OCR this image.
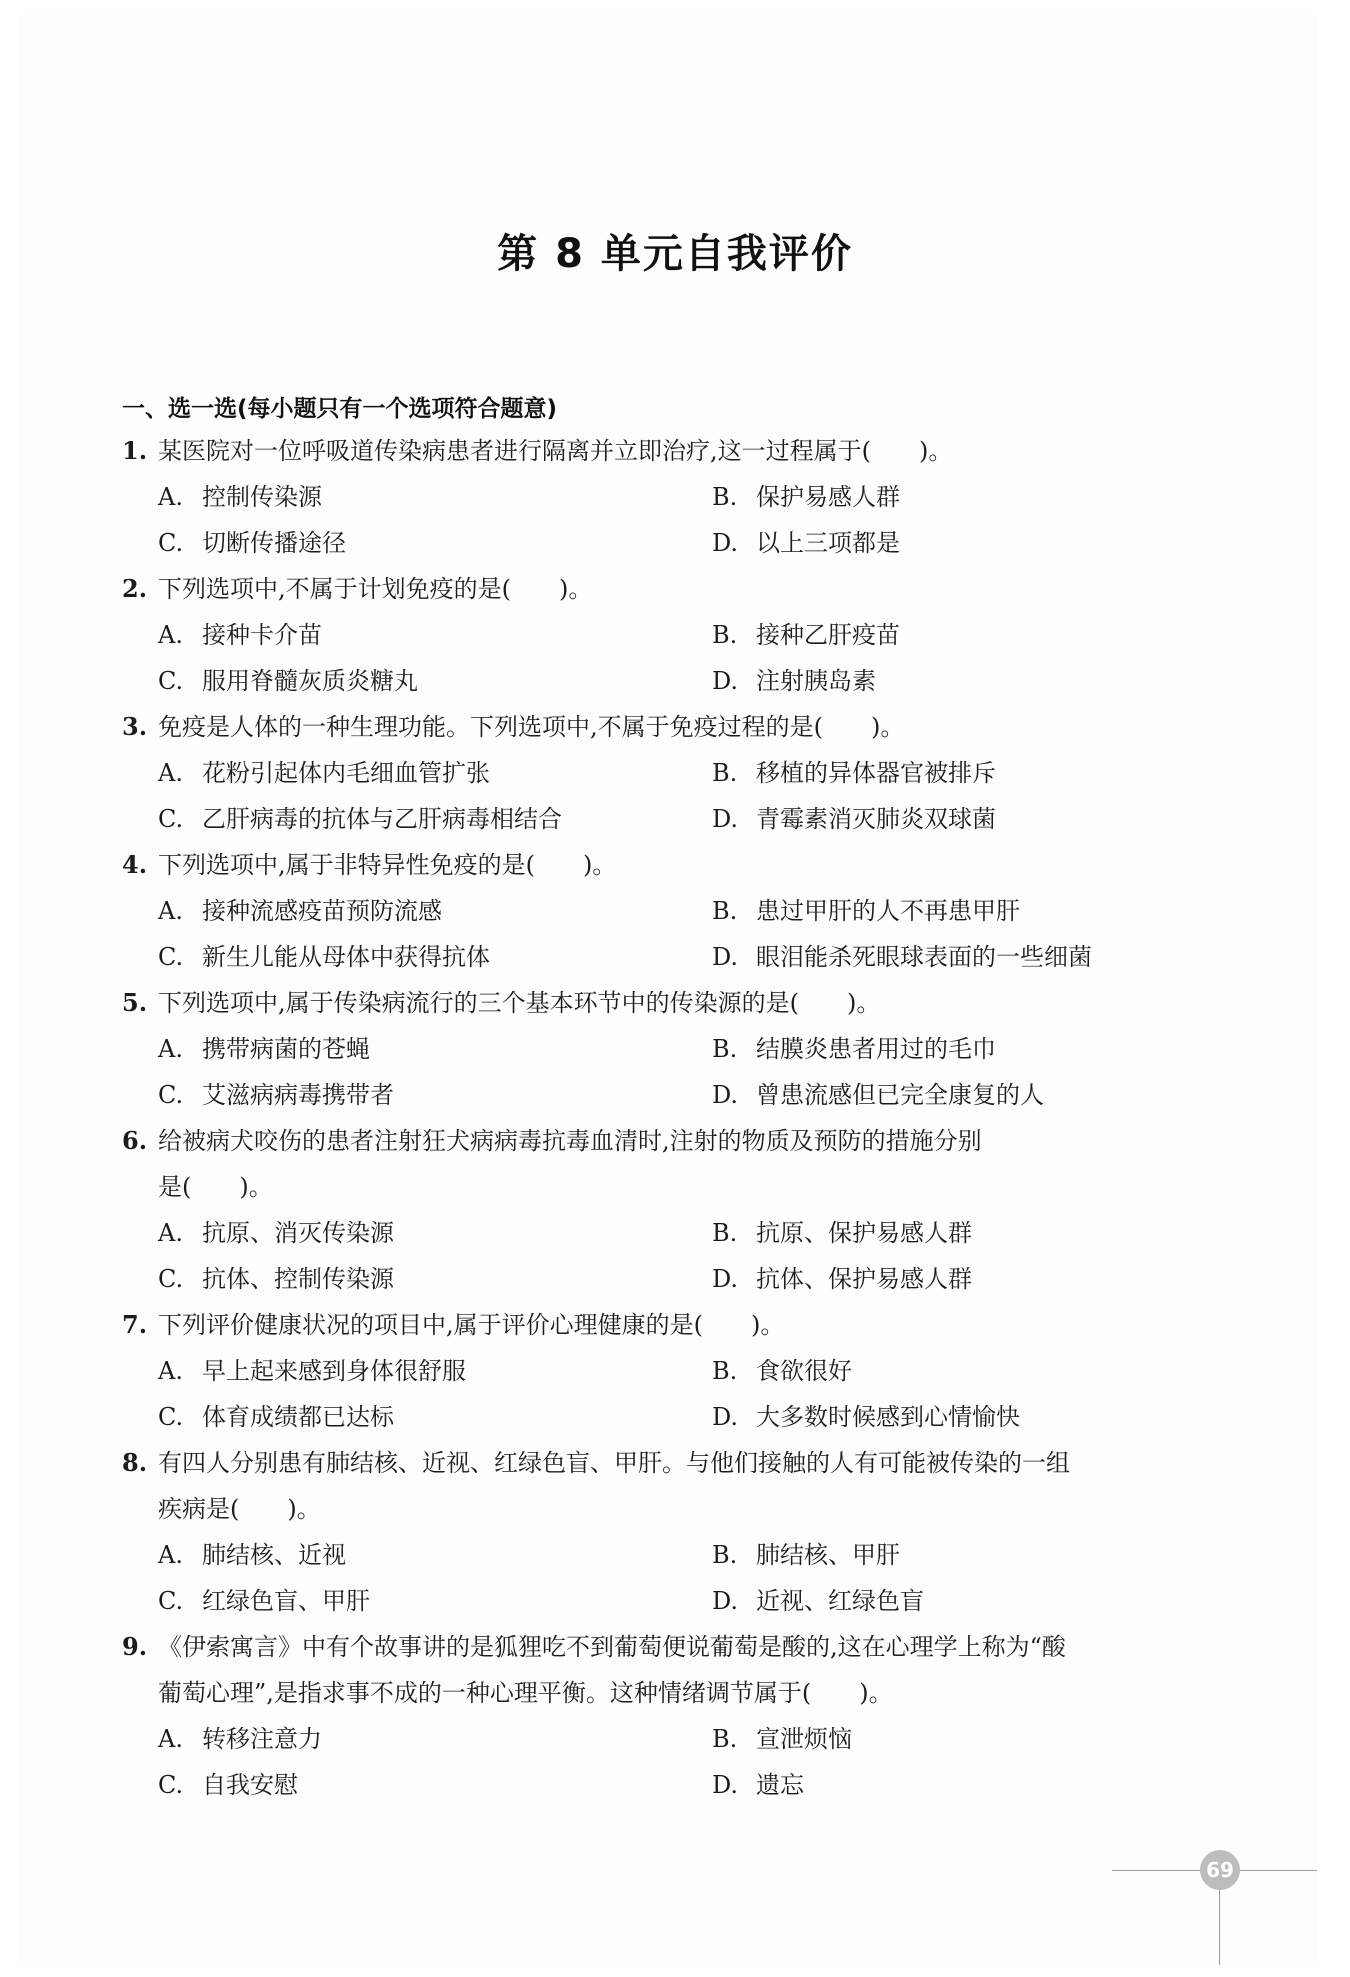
第 8 单元自我评价
一、选一选(每小题只有一个选项符合题意)
1. 某医院对一位呼吸道传染病患者进行隔离并立即治疗,这一过程属于(　　)。
A. 控制传染源	B. 保护易感人群
C. 切断传播途径	D. 以上三项都是
2. 下列选项中,不属于计划免疫的是(　　)。
A. 接种卡介苗	B. 接种乙肝疫苗
C. 服用脊髓灰质炎糖丸	D. 注射胰岛素
3. 免疫是人体的一种生理功能。下列选项中,不属于免疫过程的是(　　)。
A. 花粉引起体内毛细血管扩张	B. 移植的异体器官被排斥
C. 乙肝病毒的抗体与乙肝病毒相结合	D. 青霉素消灭肺炎双球菌
4. 下列选项中,属于非特异性免疫的是(　　)。
A. 接种流感疫苗预防流感	B. 患过甲肝的人不再患甲肝
C. 新生儿能从母体中获得抗体	D. 眼泪能杀死眼球表面的一些细菌
5. 下列选项中,属于传染病流行的三个基本环节中的传染源的是(　　)。
A. 携带病菌的苍蝇	B. 结膜炎患者用过的毛巾
C. 艾滋病病毒携带者	D. 曾患流感但已完全康复的人
6. 给被病犬咬伤的患者注射狂犬病病毒抗毒血清时,注射的物质及预防的措施分别
是(　　)。
A. 抗原、消灭传染源	B. 抗原、保护易感人群
C. 抗体、控制传染源	D. 抗体、保护易感人群
7. 下列评价健康状况的项目中,属于评价心理健康的是(　　)。
A. 早上起来感到身体很舒服	B. 食欲很好
C. 体育成绩都已达标	D. 大多数时候感到心情愉快
8. 有四人分别患有肺结核、近视、红绿色盲、甲肝。与他们接触的人有可能被传染的一组
疾病是(　　)。
A. 肺结核、近视	B. 肺结核、甲肝
C. 红绿色盲、甲肝	D. 近视、红绿色盲
9. 《伊索寓言》中有个故事讲的是狐狸吃不到葡萄便说葡萄是酸的,这在心理学上称为“酸
葡萄心理”,是指求事不成的一种心理平衡。这种情绪调节属于(　　)。
A. 转移注意力	B. 宣泄烦恼
C. 自我安慰	D. 遗忘
69
